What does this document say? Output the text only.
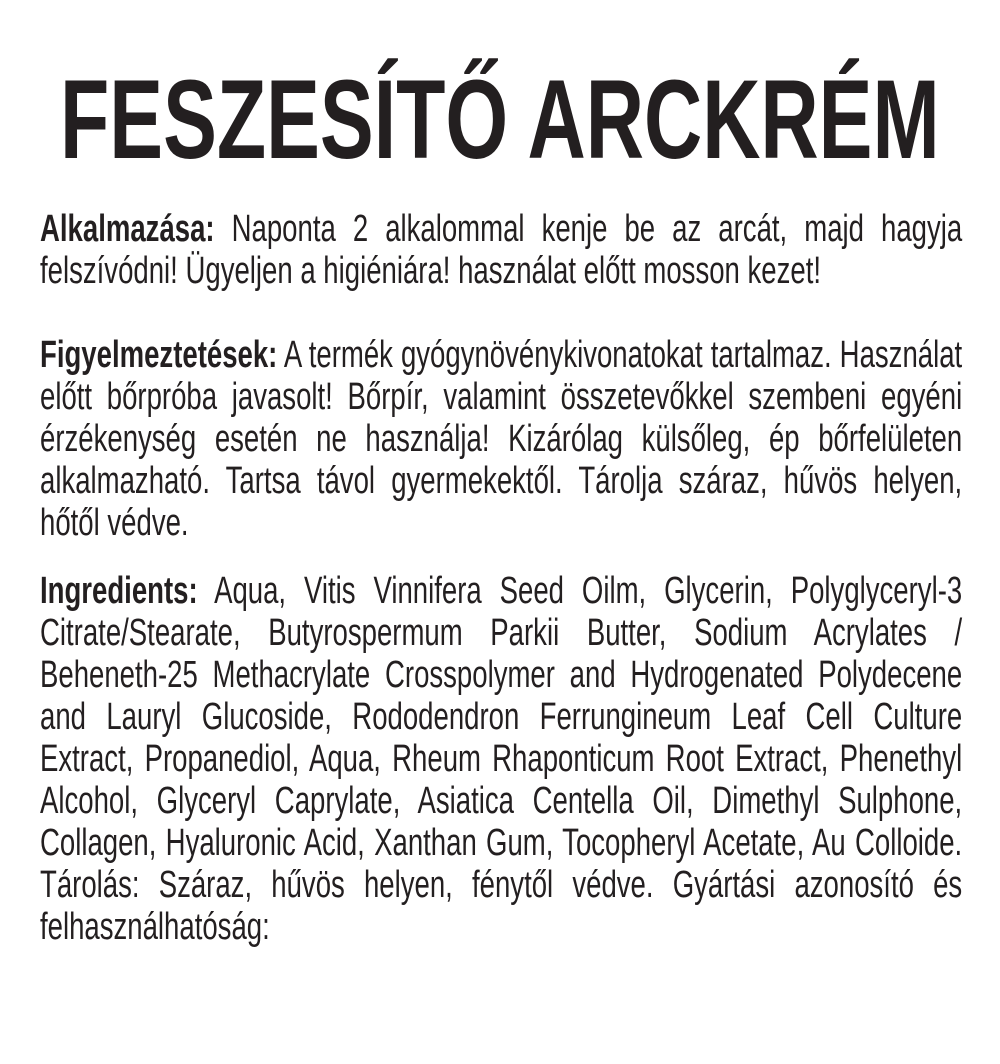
FESZESÍTŐ ARCKRÉM

Alkalmazása: Naponta 2 alkalommal kenje be az arcát, majd hagyja felszívódni! Ügyeljen a higiéniára! használat előtt mosson kezet!

Figyelmeztetések: A termék gyógynövénykivonatokat tartalmaz. Használat előtt bőrpróba javasolt! Bőrpír, valamint összetevőkkel szembeni egyéni érzékenység esetén ne használja! Kizárólag külsőleg, ép bőrfelületen alkalmazható. Tartsa távol gyermekektől. Tárolja száraz, hűvös helyen, hőtől védve.

Ingredients: Aqua, Vitis Vinnifera Seed Oilm, Glycerin, Polyglyceryl-3 Citrate/Stearate, Butyrospermum Parkii Butter, Sodium Acrylates / Beheneth-25 Methacrylate Crosspolymer and Hydrogenated Polydecene and Lauryl Glucoside, Rododendron Ferrungineum Leaf Cell Culture Extract, Propanediol, Aqua, Rheum Rhaponticum Root Extract, Phenethyl Alcohol, Glyceryl Caprylate, Asiatica Centella Oil, Dimethyl Sulphone, Collagen, Hyaluronic Acid, Xanthan Gum, Tocopheryl Acetate, Au Colloide. Tárolás: Száraz, hűvös helyen, fénytől védve. Gyártási azonosító és felhasználhatóság:
